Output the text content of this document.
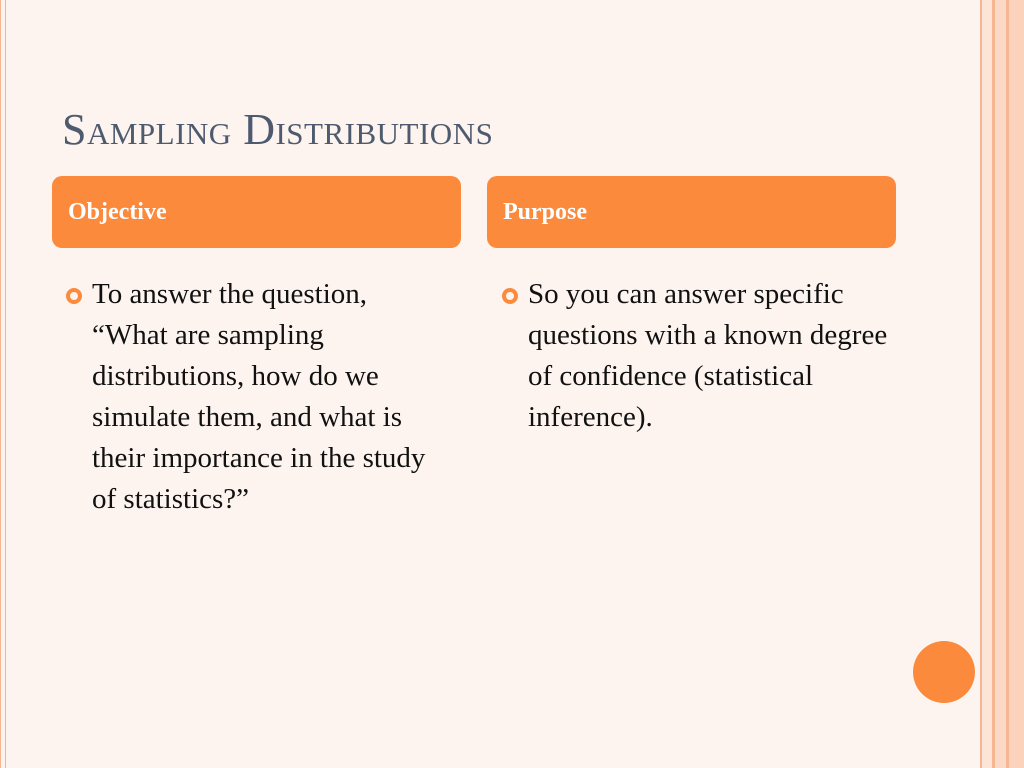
Sampling Distributions
Objective	Purpose
To answer the question, “What are sampling distributions, how do we simulate them, and what is their importance in the study of statistics?”
So you can answer specific questions with a known degree of confidence (statistical inference).
